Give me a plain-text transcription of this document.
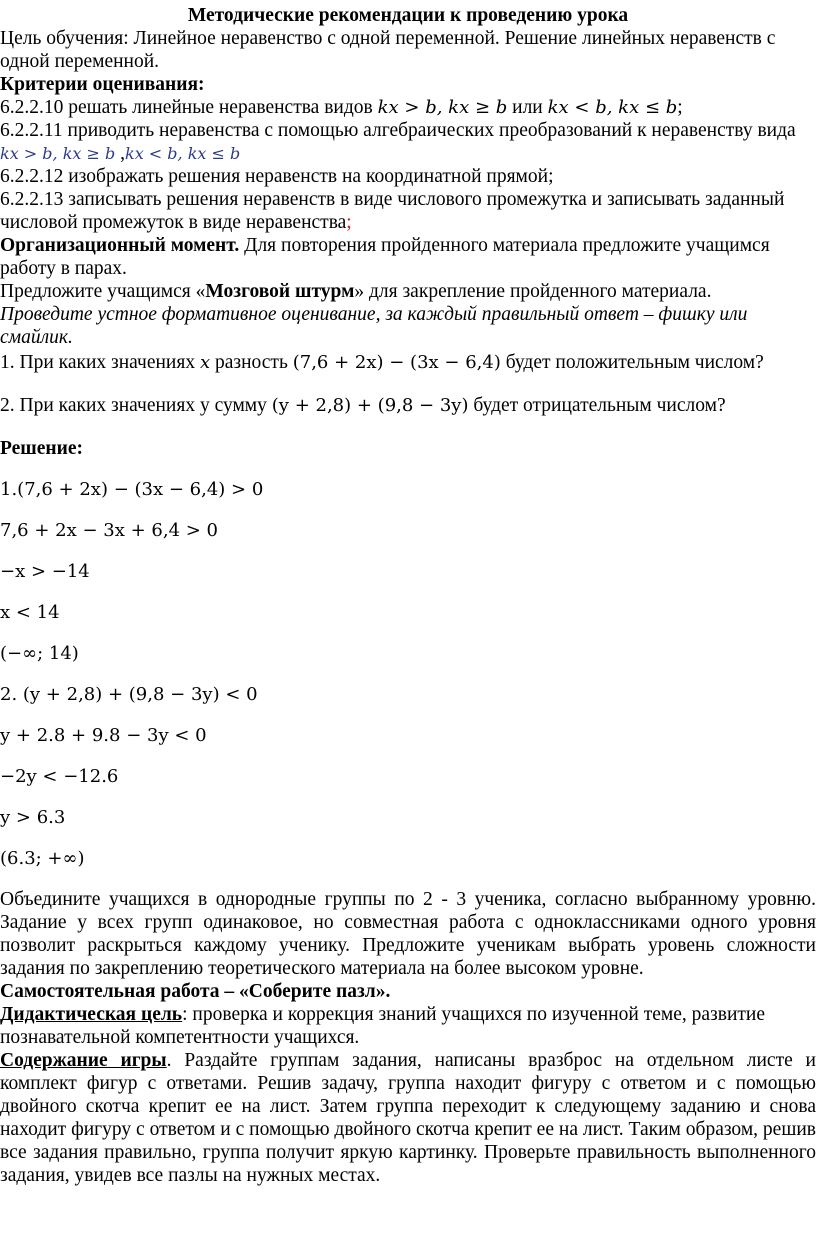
Методические рекомендации к проведению урока

Цель обучения: Линейное неравенство с одной переменной. Решение линейных неравенств с одной переменной.

Критерии оценивания:

6.2.2.10 решать линейные неравенства видов kx > b, kx ≥ b или kx < b, kx ≤ b;

6.2.2.11 приводить неравенства с помощью алгебраических преобразований к неравенству вида kx > b, kx ≥ b ,kx < b, kx ≤ b

6.2.2.12 изображать решения неравенств на координатной прямой;

6.2.2.13 записывать решения неравенств в виде числового промежутка и записывать заданный числовой промежуток в виде неравенства;

Организационный момент. Для повторения пройденного материала предложите учащимся работу в парах.

Предложите учащимся «Мозговой штурм» для закрепление пройденного материала.

Проведите устное формативное оценивание, за каждый правильный ответ – фишку или смайлик.

1. При каких значениях x разность (7,6 + 2x) − (3x − 6,4) будет положительным числом?

2. При каких значениях у сумму (y + 2,8) + (9,8 − 3y) будет отрицательным числом?

Решение:

1.(7,6 + 2x) − (3x − 6,4) > 0

7,6 + 2x − 3x + 6,4 > 0

−x > −14

x < 14

(−∞; 14)

2. (y + 2,8) + (9,8 − 3y) < 0

y + 2.8 + 9.8 − 3y < 0

−2y < −12.6

y > 6.3

(6.3; +∞)

Объедините учащихся в однородные группы по 2 - 3 ученика, согласно выбранному уровню. Задание у всех групп одинаковое, но совместная работа с одноклассниками одного уровня позволит раскрыться каждому ученику. Предложите ученикам выбрать уровень сложности задания по закреплению теоретического материала на более высоком уровне.

Самостоятельная работа – «Соберите пазл».

Дидактическая цель: проверка и коррекция знаний учащихся по изученной теме, развитие познавательной компетентности учащихся.

Содержание игры. Раздайте группам задания, написаны вразброс на отдельном листе и комплект фигур с ответами. Решив задачу, группа находит фигуру с ответом и с помощью двойного скотча крепит ее на лист. Затем группа переходит к следующему заданию и снова находит фигуру с ответом и с помощью двойного скотча крепит ее на лист. Таким образом, решив все задания правильно, группа получит яркую картинку. Проверьте правильность выполненного задания, увидев все пазлы на нужных местах.
